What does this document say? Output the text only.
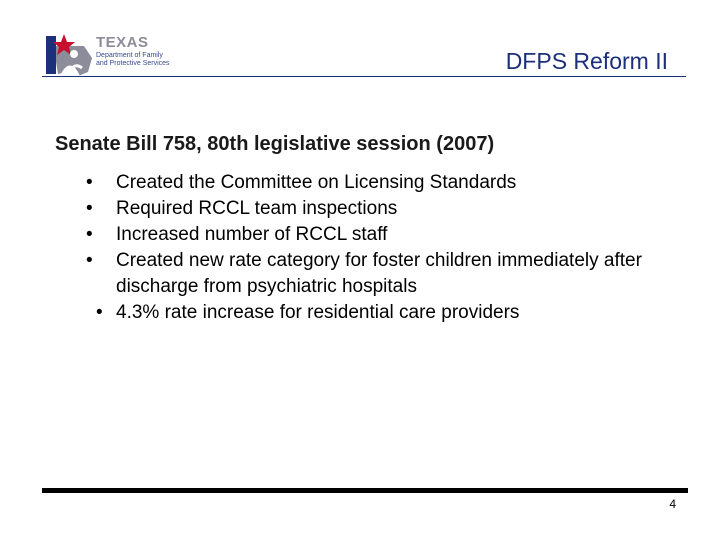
TEXAS
Department of Family
and Protective Services	DFPS Reform II
Senate Bill 758, 80th legislative session (2007)
• Created the Committee on Licensing Standards
• Required RCCL team inspections
• Increased number of RCCL staff
• Created new rate category for foster children immediately after discharge from psychiatric hospitals
• 4.3% rate increase for residential care providers
4
